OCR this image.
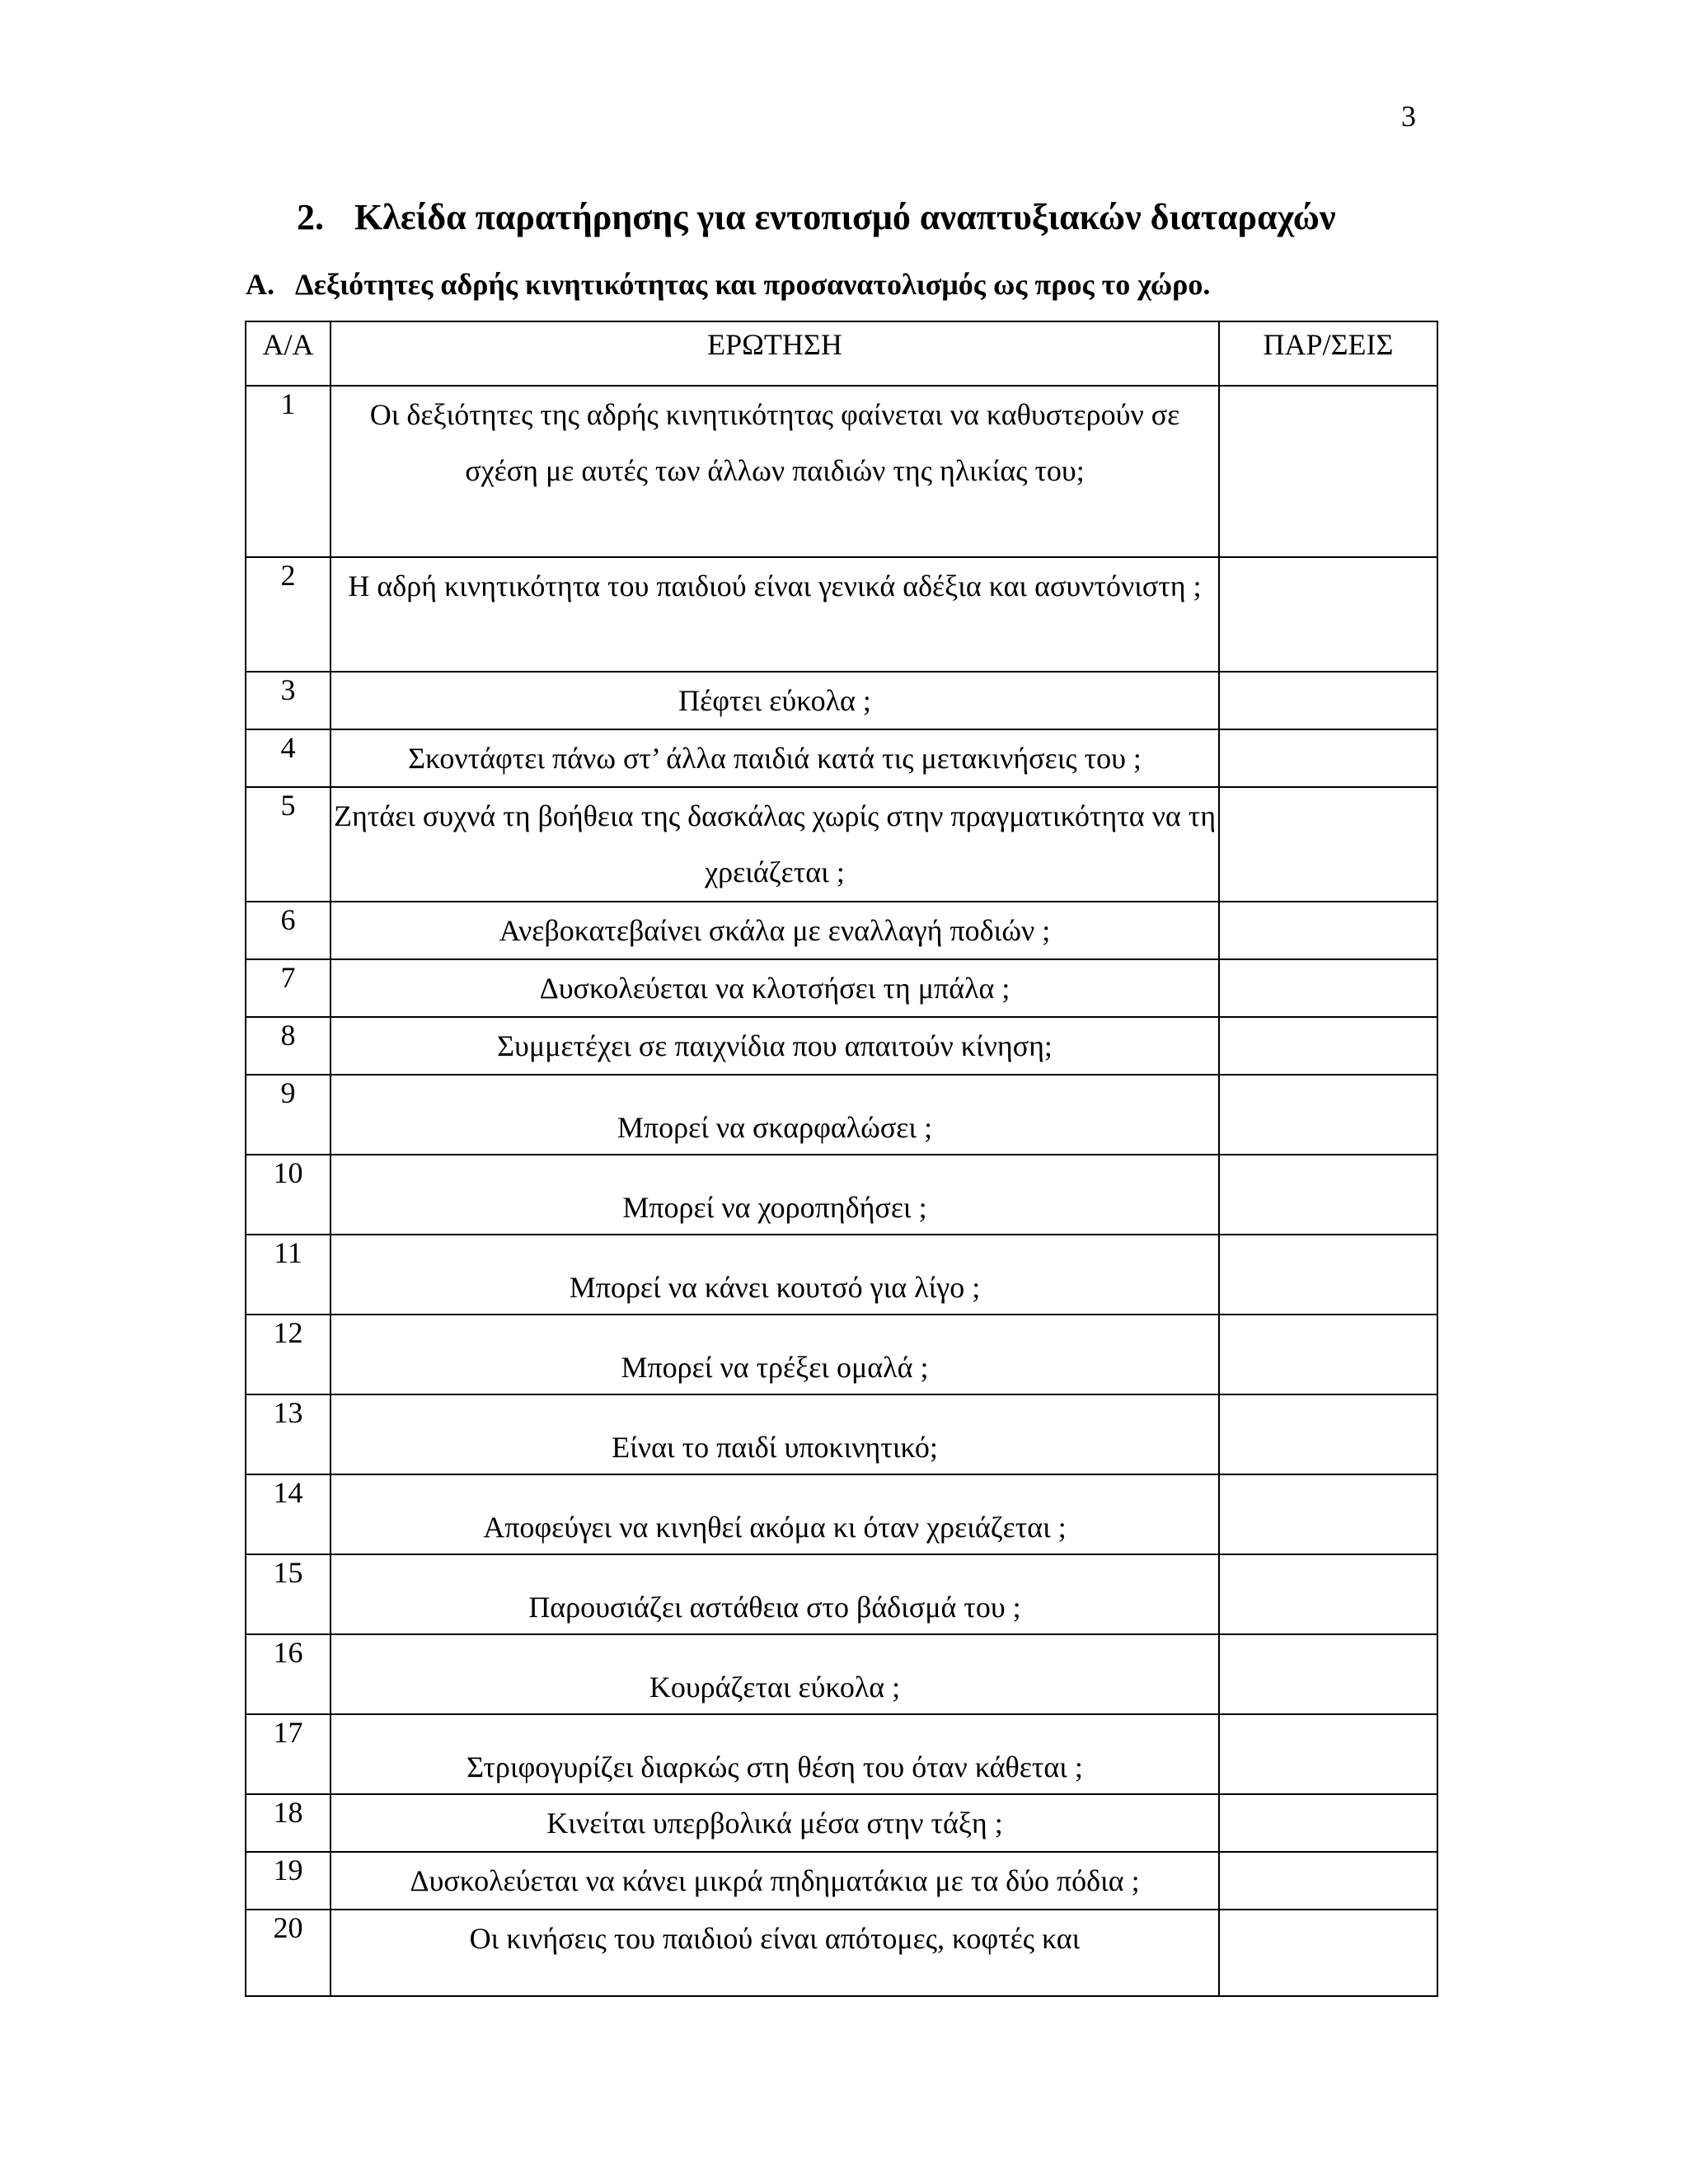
3
2. Κλείδα παρατήρησης για εντοπισμό αναπτυξιακών διαταραχών
A. Δεξιότητες αδρής κινητικότητας και προσανατολισμός ως προς το χώρο.
Α/Α	ΕΡΩΤΗΣΗ	ΠΑΡ/ΣΕΙΣ
1	Οι δεξιότητες της αδρής κινητικότητας φαίνεται να καθυστερούν σε σχέση με αυτές των άλλων παιδιών της ηλικίας του;	
2	Η αδρή κινητικότητα του παιδιού είναι γενικά αδέξια και ασυντόνιστη ;	
3	Πέφτει εύκολα ;	
4	Σκοντάφτει πάνω στ’ άλλα παιδιά κατά τις μετακινήσεις του ;	
5	Ζητάει συχνά τη βοήθεια της δασκάλας χωρίς στην πραγματικότητα να τη χρειάζεται ;	
6	Ανεβοκατεβαίνει σκάλα με εναλλαγή ποδιών ;	
7	Δυσκολεύεται να κλοτσήσει τη μπάλα ;	
8	Συμμετέχει σε παιχνίδια που απαιτούν κίνηση;	
9	Μπορεί να σκαρφαλώσει ;	
10	Μπορεί να χοροπηδήσει ;	
11	Μπορεί να κάνει κουτσό για λίγο ;	
12	Μπορεί να τρέξει ομαλά ;	
13	Είναι το παιδί υποκινητικό;	
14	Αποφεύγει να κινηθεί ακόμα κι όταν χρειάζεται ;	
15	Παρουσιάζει αστάθεια στο βάδισμά του ;	
16	Κουράζεται εύκολα ;	
17	Στριφογυρίζει διαρκώς στη θέση του όταν κάθεται ;	
18	Κινείται υπερβολικά μέσα στην τάξη ;	
19	Δυσκολεύεται να κάνει μικρά πηδηματάκια με τα δύο πόδια ;	
20	Οι κινήσεις του παιδιού είναι απότομες, κοφτές και	
